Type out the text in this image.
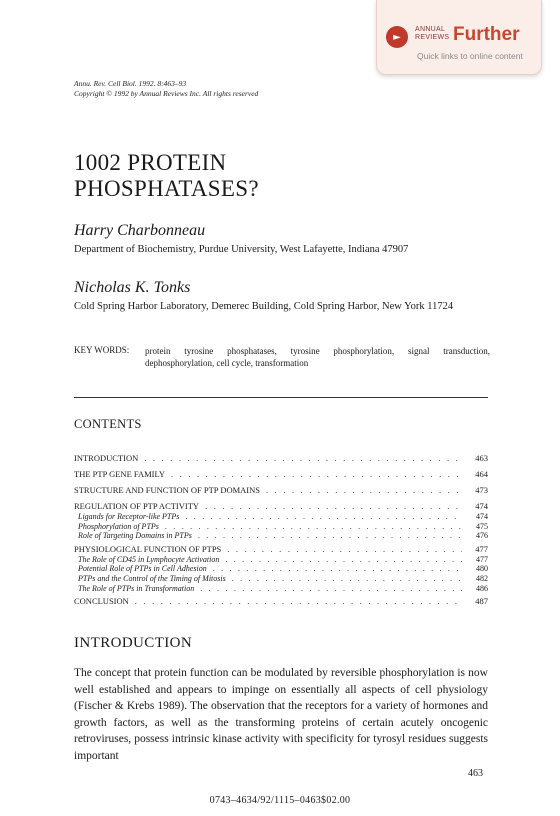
►
ANNUAL
REVIEWS Further
Quick links to online content
Annu. Rev. Cell Biol. 1992. 8:463–93
Copyright © 1992 by Annual Reviews Inc. All rights reserved
1002 PROTEIN
PHOSPHATASES?
Harry Charbonneau
Department of Biochemistry, Purdue University, West Lafayette, Indiana 47907
Nicholas K. Tonks
Cold Spring Harbor Laboratory, Demerec Building, Cold Spring Harbor, New York 11724
KEY WORDS: protein tyrosine phosphatases, tyrosine phosphorylation, signal transduction, dephosphorylation, cell cycle, transformation
CONTENTS
INTRODUCTION . . .	463
THE PTP GENE FAMILY . . .	464
STRUCTURE AND FUNCTION OF PTP DOMAINS . . .	473
REGULATION OF PTP ACTIVITY . . .	474
Ligands for Receptor-like PTPs . . .	474
Phosphorylation of PTPs . . .	475
Role of Targeting Domains in PTPs . . .	476
PHYSIOLOGICAL FUNCTION OF PTPS . . .	477
The Role of CD45 in Lymphocyte Activation . . .	477
Potential Role of PTPs in Cell Adhesion . . .	480
PTPs and the Control of the Timing of Mitosis . . .	482
The Role of PTPs in Transformation . . .	486
CONCLUSION . . .	487
INTRODUCTION
The concept that protein function can be modulated by reversible phosphorylation is now well established and appears to impinge on essentially all aspects of cell physiology (Fischer & Krebs 1989). The observation that the receptors for a variety of hormones and growth factors, as well as the transforming proteins of certain acutely oncogenic retroviruses, possess intrinsic kinase activity with specificity for tyrosyl residues suggests important
463
0743–4634/92/1115–0463$02.00
